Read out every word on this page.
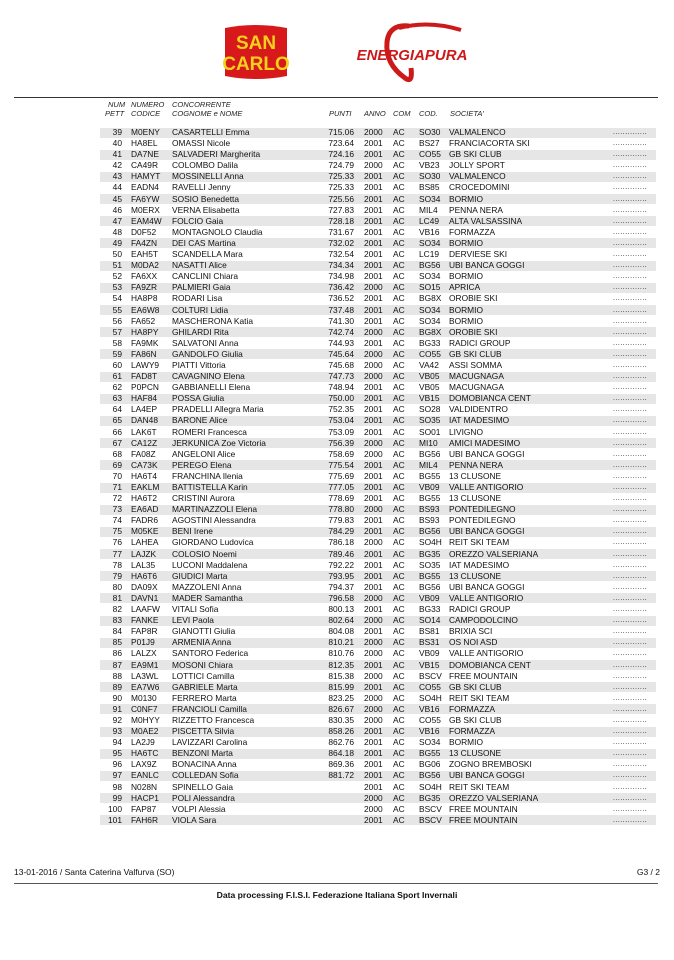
SAN
CARLO	ENERGIAPURA
NUM
PETT
NUMERO
CODICE
CONCORRENTE
COGNOME e NOME	PUNTI ANNO COM COD. SOCIETA'
39 M0ENY CASARTELLI Emma	715.06 2000 AC SO30 VALMALENCO	..............
40 HA8EL OMASSI Nicole	723.64 2001 AC BS27 FRANCIACORTA SKI	..............
41 DA7NE SALVADERI Margherita	724.16 2001 AC CO55 GB SKI CLUB	..............
42 CA49R COLOMBO Dalila	724.79 2000 AC VB23 JOLLY SPORT	..............
43 HAMYT MOSSINELLI Anna	725.33 2001 AC SO30 VALMALENCO	..............
44 EADN4 RAVELLI Jenny	725.33 2001 AC BS85 CROCEDOMINI	..............
45 FA6YW SOSIO Benedetta	725.56 2001 AC SO34 BORMIO	..............
46 M0ERX VERNA Elisabetta	727.83 2001 AC MIL4 PENNA NERA	..............
47 EAM4W FOLCIO Gaia	728.18 2001 AC LC49 ALTA VALSASSINA	..............
48 D0F52 MONTAGNOLO Claudia	731.67 2001 AC VB16 FORMAZZA	..............
49 FA4ZN DEI CAS Martina	732.02 2001 AC SO34 BORMIO	..............
50 EAH5T SCANDELLA Mara	732.54 2001 AC LC19 DERVIESE SKI	..............
51 M0DA2 NASATTI Alice	734.34 2001 AC BG56 UBI BANCA GOGGI	..............
52 FA6XX CANCLINI Chiara	734.98 2001 AC SO34 BORMIO	..............
53 FA9ZR PALMIERI Gaia	736.42 2000 AC SO15 APRICA	..............
54 HA8P8 RODARI Lisa	736.52 2001 AC BG8X OROBIE SKI	..............
55 EA6W8 COLTURI Lidia	737.48 2001 AC SO34 BORMIO	..............
56 FA652 MASCHERONA Katia	741.30 2001 AC SO34 BORMIO	..............
57 HA8PY GHILARDI Rita	742.74 2000 AC BG8X OROBIE SKI	..............
58 FA9MK SALVATONI Anna	744.93 2001 AC BG33 RADICI GROUP	..............
59 FA86N GANDOLFO Giulia	745.64 2000 AC CO55 GB SKI CLUB	..............
60 LAWY9 PIATTI Vittoria	745.68 2000 AC VA42 ASSI SOMMA	..............
61 FAD8T CAVAGNINO Elena	747.73 2000 AC VB05 MACUGNAGA	..............
62 P0PCN GABBIANELLI Elena	748.94 2001 AC VB05 MACUGNAGA	..............
63 HAF84 POSSA Giulia	750.00 2001 AC VB15 DOMOBIANCA CENT	..............
64 LA4EP PRADELLI Allegra Maria	752.35 2001 AC SO28 VALDIDENTRO	..............
65 DAN48 BARONE Alice	753.04 2001 AC SO35 IAT MADESIMO	..............
66 LAK6T ROMERI Francesca	753.09 2001 AC SO01 LIVIGNO	..............
67 CA12Z JERKUNICA Zoe Victoria	756.39 2000 AC MI10 AMICI MADESIMO	..............
68 FA08Z ANGELONI Alice	758.69 2000 AC BG56 UBI BANCA GOGGI	..............
69 CA73K PEREGO Elena	775.54 2001 AC MIL4 PENNA NERA	..............
70 HA6T4 FRANCHINA Ilenia	775.69 2001 AC BG55 13 CLUSONE	..............
71 EAKLM BATTISTELLA Karin	777.05 2001 AC VB09 VALLE ANTIGORIO	..............
72 HA6T2 CRISTINI Aurora	778.69 2001 AC BG55 13 CLUSONE	..............
73 EA6AD MARTINAZZOLI Elena	778.80 2000 AC BS93 PONTEDILEGNO	..............
74 FADR6 AGOSTINI Alessandra	779.83 2001 AC BS93 PONTEDILEGNO	..............
75 M05KE BENI Irene	784.29 2001 AC BG56 UBI BANCA GOGGI	..............
76 LAHEA GIORDANO Ludovica	786.18 2000 AC SO4H REIT SKI TEAM	..............
77 LAJZK COLOSIO Noemi	789.46 2001 AC BG35 OREZZO VALSERIANA	..............
78 LAL35 LUCONI Maddalena	792.22 2001 AC SO35 IAT MADESIMO	..............
79 HA6T6 GIUDICI Marta	793.95 2001 AC BG55 13 CLUSONE	..............
80 DA09X MAZZOLENI Anna	794.37 2001 AC BG56 UBI BANCA GOGGI	..............
81 DAVN1 MADER Samantha	796.58 2000 AC VB09 VALLE ANTIGORIO	..............
82 LAAFW VITALI Sofia	800.13 2001 AC BG33 RADICI GROUP	..............
83 FANKE LEVI Paola	802.64 2000 AC SO14 CAMPODOLCINO	..............
84 FAP8R GIANOTTI Giulia	804.08 2001 AC BS81 BRIXIA SCI	..............
85 P01J9 ARMENIA Anna	810.21 2000 AC BS31 OS NOI ASD	..............
86 LALZX SANTORO Federica	810.76 2000 AC VB09 VALLE ANTIGORIO	..............
87 EA9M1 MOSONI Chiara	812.35 2001 AC VB15 DOMOBIANCA CENT	..............
88 LA3WL LOTTICI Camilla	815.38 2000 AC BSCV FREE MOUNTAIN	..............
89 EA7W6 GABRIELE Marta	815.99 2001 AC CO55 GB SKI CLUB	..............
90 M0130 FERRERO Marta	823.25 2000 AC SO4H REIT SKI TEAM	..............
91 C0NF7 FRANCIOLI Camilla	826.67 2000 AC VB16 FORMAZZA	..............
92 M0HYY RIZZETTO Francesca	830.35 2000 AC CO55 GB SKI CLUB	..............
93 M0AE2 PISCETTA Silvia	858.26 2001 AC VB16 FORMAZZA	..............
94 LA2J9 LAVIZZARI Carolina	862.76 2001 AC SO34 BORMIO	..............
95 HA6TC BENZONI Marta	864.18 2001 AC BG55 13 CLUSONE	..............
96 LAX9Z BONACINA Anna	869.36 2001 AC BG06 ZOGNO BREMBOSKI	..............
97 EANLC COLLEDAN Sofia	881.72 2001 AC BG56 UBI BANCA GOGGI	..............
98 N028N SPINELLO Gaia	2001 AC SO4H REIT SKI TEAM	..............
99 HACP1 POLI Alessandra	2000 AC BG35 OREZZO VALSERIANA	..............
100 FAP87 VOLPI Alessia	2000 AC BSCV FREE MOUNTAIN	..............
101 FAH6R VIOLA Sara	2001 AC BSCV FREE MOUNTAIN	..............
13-01-2016 / Santa Caterina Valfurva (SO)	G3 / 2
Data processing F.I.S.I. Federazione Italiana Sport Invernali
